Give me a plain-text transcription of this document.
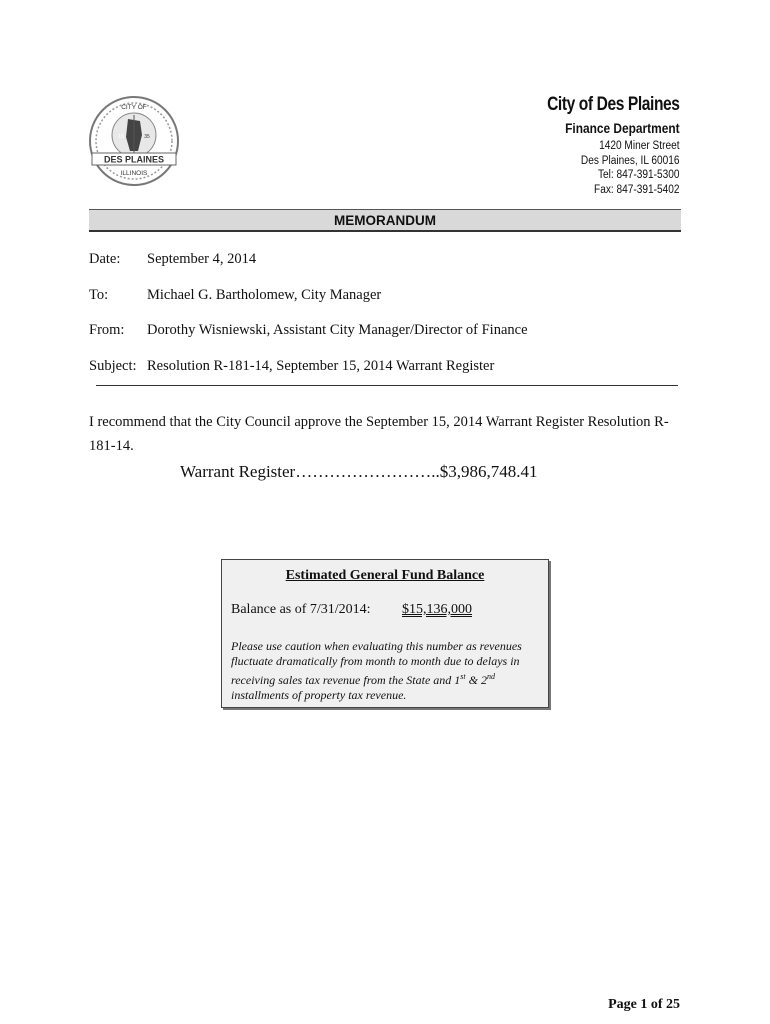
CITY OF
18	35
DES PLAINES
ILLINOIS
City of Des Plaines
Finance Department
1420 Miner Street
Des Plaines, IL 60016
Tel: 847-391-5300
Fax: 847-391-5402
MEMORANDUM
Date: September 4, 2014
To:	Michael G. Bartholomew, City Manager
From: Dorothy Wisniewski, Assistant City Manager/Director of Finance
Subject: Resolution R-181-14, September 15, 2014 Warrant Register
I recommend that the City Council approve the September 15, 2014 Warrant Register Resolution R-181-14.
Warrant Register……………………..$3,986,748.41
Estimated General Fund Balance
Balance as of 7/31/2014: $15,136,000
Please use caution when evaluating this number as revenues fluctuate dramatically from month to month due to delays in receiving sales tax revenue from the State and 1st & 2nd installments of property tax revenue.
Page 1 of 25
